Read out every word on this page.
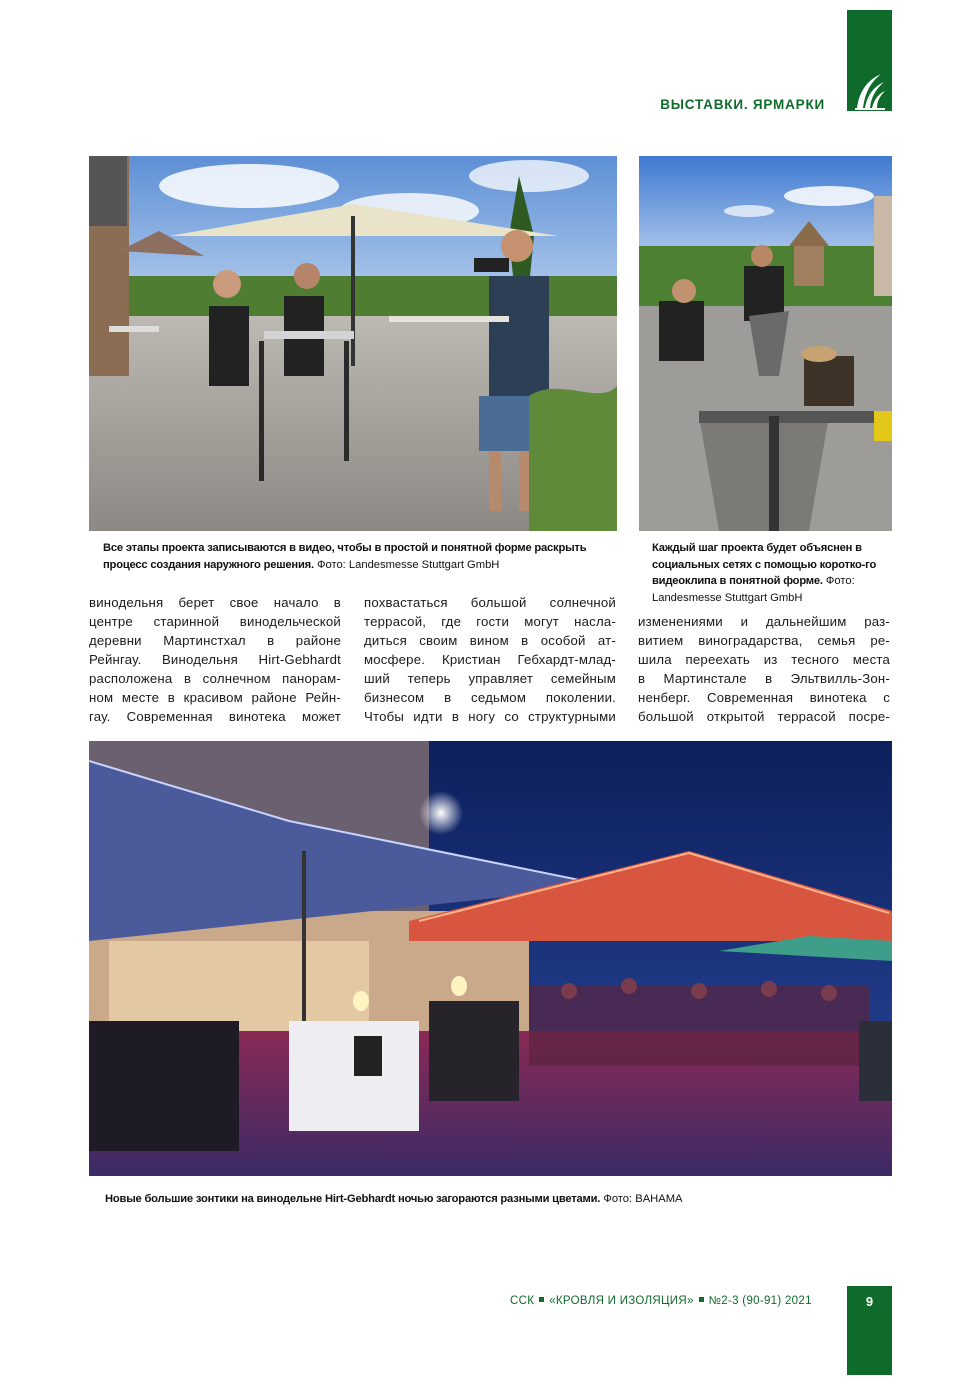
ВЫСТАВКИ. ЯРМАРКИ
Все этапы проекта записываются в видео, чтобы в простой и понятной форме раскрыть процесс создания наружного решения. Фото: Landesmesse Stuttgart GmbH
Каждый шаг проекта будет объяснен в социальных сетях с помощью коротко-го видеоклипа в понятной форме. Фото: Landesmesse Stuttgart GmbH

винодельня берет свое начало в

центре старинной винодельческой

деревни Мартинстхал в районе

Рейнгау. Винодельня Hirt-Gebhardt

расположена в солнечном панорам-

ном месте в красивом районе Рейн-

гау. Современная винотека может

похвастаться большой солнечной

террасой, где гости могут насла-

диться своим вином в особой ат-

мосфере. Кристиан Гебхардт-млад-

ший теперь управляет семейным

бизнесом в седьмом поколении.

Чтобы идти в ногу со структурными

изменениями и дальнейшим раз-

витием виноградарства, семья ре-

шила переехать из тесного места

в Мартинстале в Эльтвилль-Зон-

ненберг. Современная винотека с

большой открытой террасой посре-

Новые большие зонтики на винодельне Hirt-Gebhardt ночью загораются разными цветами. Фото: BAHAMA
ССК «КРОВЛЯ И ИЗОЛЯЦИЯ» №2-3 (90-91) 2021	9
